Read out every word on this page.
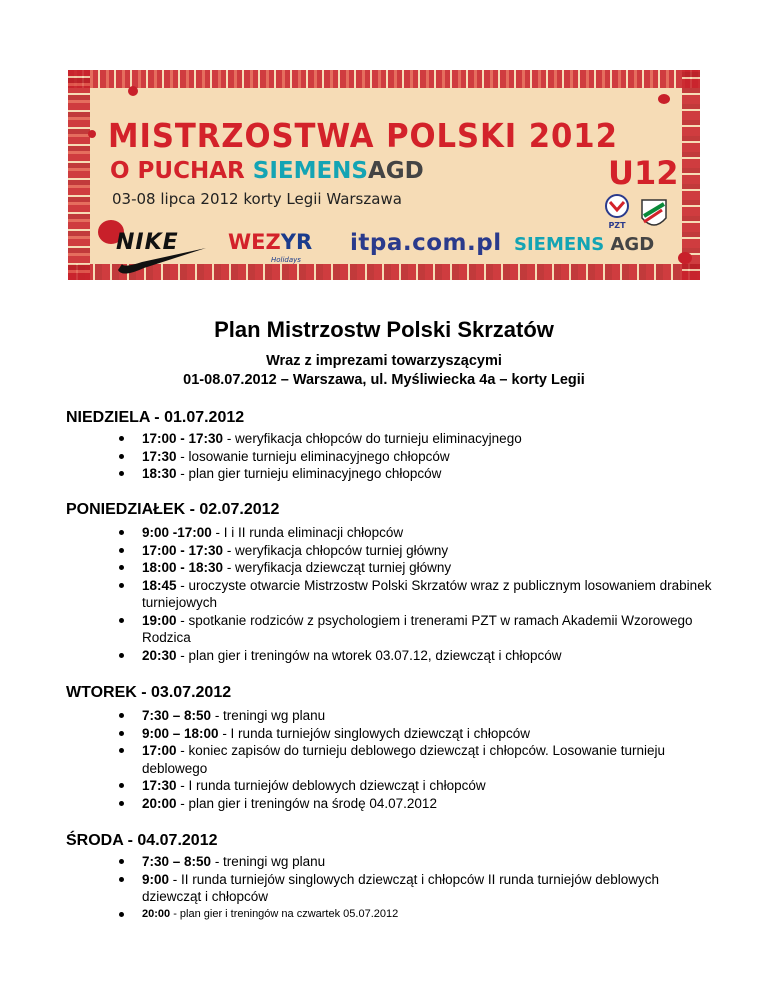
MISTRZOSTWA POLSKI 2012
O PUCHAR SIEMENSAGD	U12
03-08 lipca 2012 korty Legii Warszawa
PZT
NIKE WEZYR
Holidays
itpa.com.pl SIEMENS AGD
Plan Mistrzostw Polski Skrzatów
Wraz z imprezami towarzyszącymi
01-08.07.2012 – Warszawa, ul. Myśliwiecka 4a – korty Legii
NIEDZIELA - 01.07.2012
17:00 - 17:30 - weryfikacja chłopców do turnieju eliminacyjnego
17:30 - losowanie turnieju eliminacyjnego chłopców
18:30 - plan gier turnieju eliminacyjnego chłopców
PONIEDZIAŁEK - 02.07.2012
9:00 -17:00 - I i II runda eliminacji chłopców
17:00 - 17:30 - weryfikacja chłopców turniej główny
18:00 - 18:30 - weryfikacja dziewcząt turniej główny
18:45 - uroczyste otwarcie Mistrzostw Polski Skrzatów wraz z publicznym losowaniem drabinek turniejowych
19:00 - spotkanie rodziców z psychologiem i trenerami PZT w ramach Akademii Wzorowego Rodzica
20:30 - plan gier i treningów na wtorek 03.07.12, dziewcząt i chłopców
WTOREK - 03.07.2012
7:30 – 8:50 - treningi wg planu
9:00 – 18:00 - I runda turniejów singlowych dziewcząt i chłopców
17:00 - koniec zapisów do turnieju deblowego dziewcząt i chłopców. Losowanie turnieju deblowego
17:30 - I runda turniejów deblowych dziewcząt i chłopców
20:00 - plan gier i treningów na środę 04.07.2012
ŚRODA - 04.07.2012
7:30 – 8:50 - treningi wg planu
9:00 - II runda turniejów singlowych dziewcząt i chłopców II runda turniejów deblowych dziewcząt i chłopców
20:00 - plan gier i treningów na czwartek 05.07.2012
